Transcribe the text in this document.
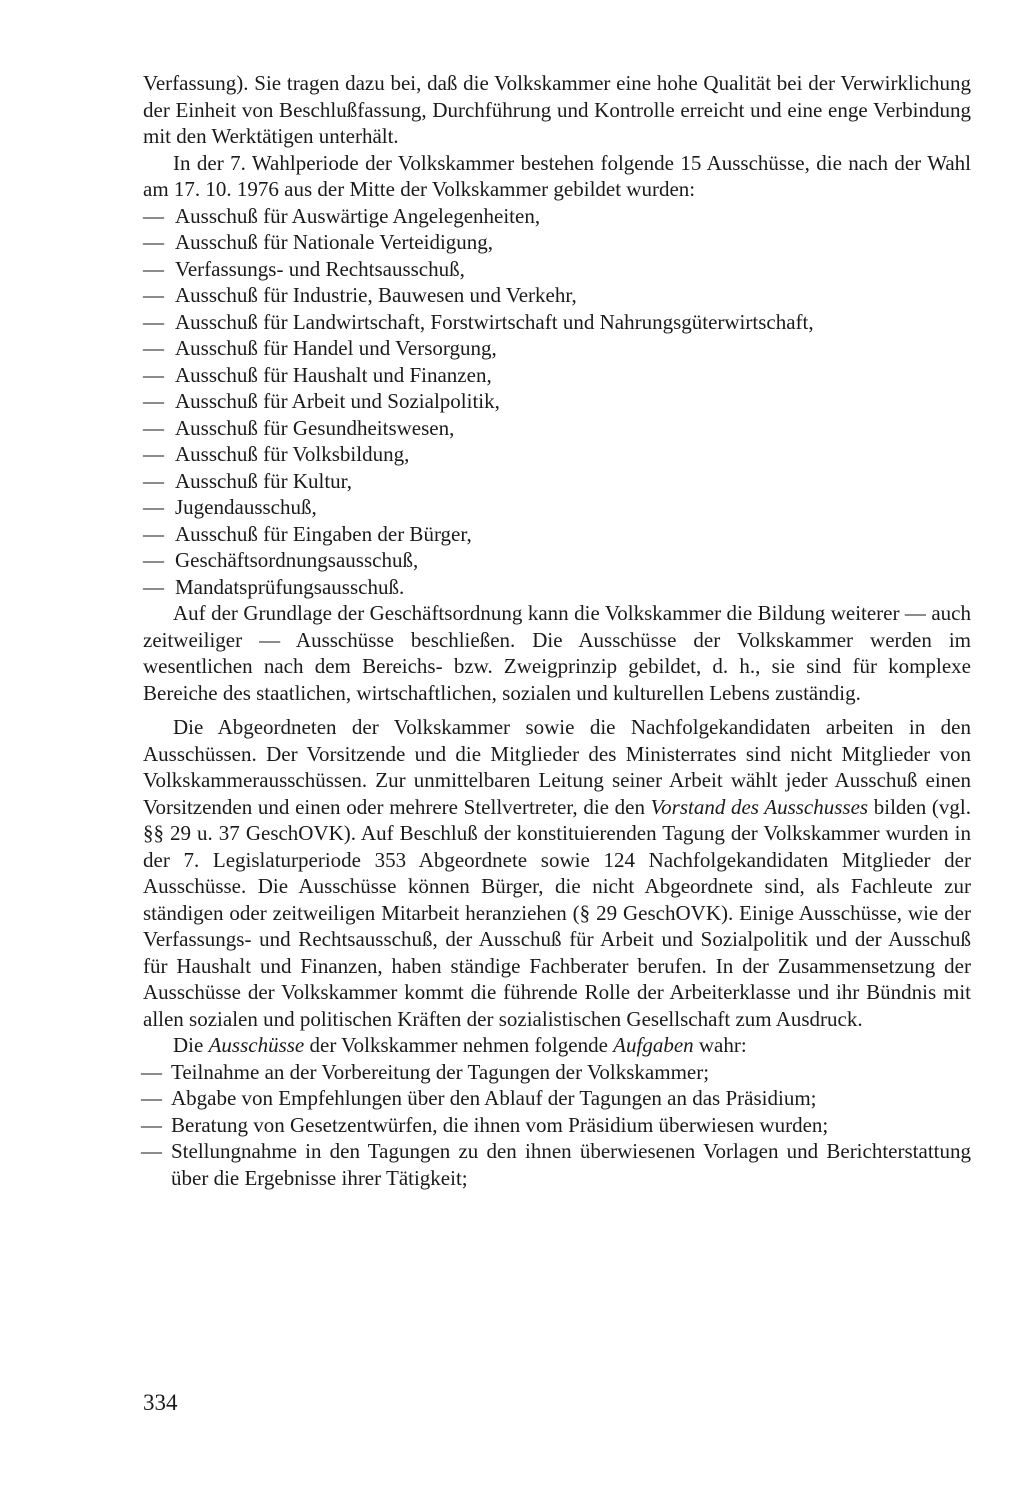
Verfassung). Sie tragen dazu bei, daß die Volkskammer eine hohe Qualität bei der Verwirklichung der Einheit von Beschlußfassung, Durchführung und Kontrolle erreicht und eine enge Verbindung mit den Werktätigen unterhält.

In der 7. Wahlperiode der Volkskammer bestehen folgende 15 Ausschüsse, die nach der Wahl am 17. 10. 1976 aus der Mitte der Volkskammer gebildet wurden:

— Ausschuß für Auswärtige Angelegenheiten,
— Ausschuß für Nationale Verteidigung,
— Verfassungs- und Rechtsausschuß,
— Ausschuß für Industrie, Bauwesen und Verkehr,
— Ausschuß für Landwirtschaft, Forstwirtschaft und Nahrungsgüterwirtschaft,
— Ausschuß für Handel und Versorgung,
— Ausschuß für Haushalt und Finanzen,
— Ausschuß für Arbeit und Sozialpolitik,
— Ausschuß für Gesundheitswesen,
— Ausschuß für Volksbildung,
— Ausschuß für Kultur,
— Jugendausschuß,
— Ausschuß für Eingaben der Bürger,
— Geschäftsordnungsausschuß,
— Mandatsprüfungsausschuß.

Auf der Grundlage der Geschäftsordnung kann die Volkskammer die Bildung weiterer — auch zeitweiliger — Ausschüsse beschließen. Die Ausschüsse der Volkskammer werden im wesentlichen nach dem Bereichs- bzw. Zweigprinzip gebildet, d. h., sie sind für komplexe Bereiche des staatlichen, wirtschaftlichen, sozialen und kulturellen Lebens zuständig.

Die Abgeordneten der Volkskammer sowie die Nachfolgekandidaten arbeiten in den Ausschüssen. Der Vorsitzende und die Mitglieder des Ministerrates sind nicht Mitglieder von Volkskammerausschüssen. Zur unmittelbaren Leitung seiner Arbeit wählt jeder Ausschuß einen Vorsitzenden und einen oder mehrere Stellvertreter, die den Vorstand des Ausschusses bilden (vgl. §§ 29 u. 37 GeschOVK). Auf Beschluß der konstituierenden Tagung der Volkskammer wurden in der 7. Legislaturperiode 353 Abgeordnete sowie 124 Nachfolgekandidaten Mitglieder der Ausschüsse. Die Ausschüsse können Bürger, die nicht Abgeordnete sind, als Fachleute zur ständigen oder zeitweiligen Mitarbeit heranziehen (§ 29 GeschOVK). Einige Ausschüsse, wie der Verfassungs- und Rechtsausschuß, der Ausschuß für Arbeit und Sozialpolitik und der Ausschuß für Haushalt und Finanzen, haben ständige Fachberater berufen. In der Zusammensetzung der Ausschüsse der Volkskammer kommt die führende Rolle der Arbeiterklasse und ihr Bündnis mit allen sozialen und politischen Kräften der sozialistischen Gesellschaft zum Ausdruck.

Die Ausschüsse der Volkskammer nehmen folgende Aufgaben wahr:

— Teilnahme an der Vorbereitung der Tagungen der Volkskammer;
— Abgabe von Empfehlungen über den Ablauf der Tagungen an das Präsidium;
— Beratung von Gesetzentwürfen, die ihnen vom Präsidium überwiesen wurden;
— Stellungnahme in den Tagungen zu den ihnen überwiesenen Vorlagen und Berichterstattung über die Ergebnisse ihrer Tätigkeit;
334
